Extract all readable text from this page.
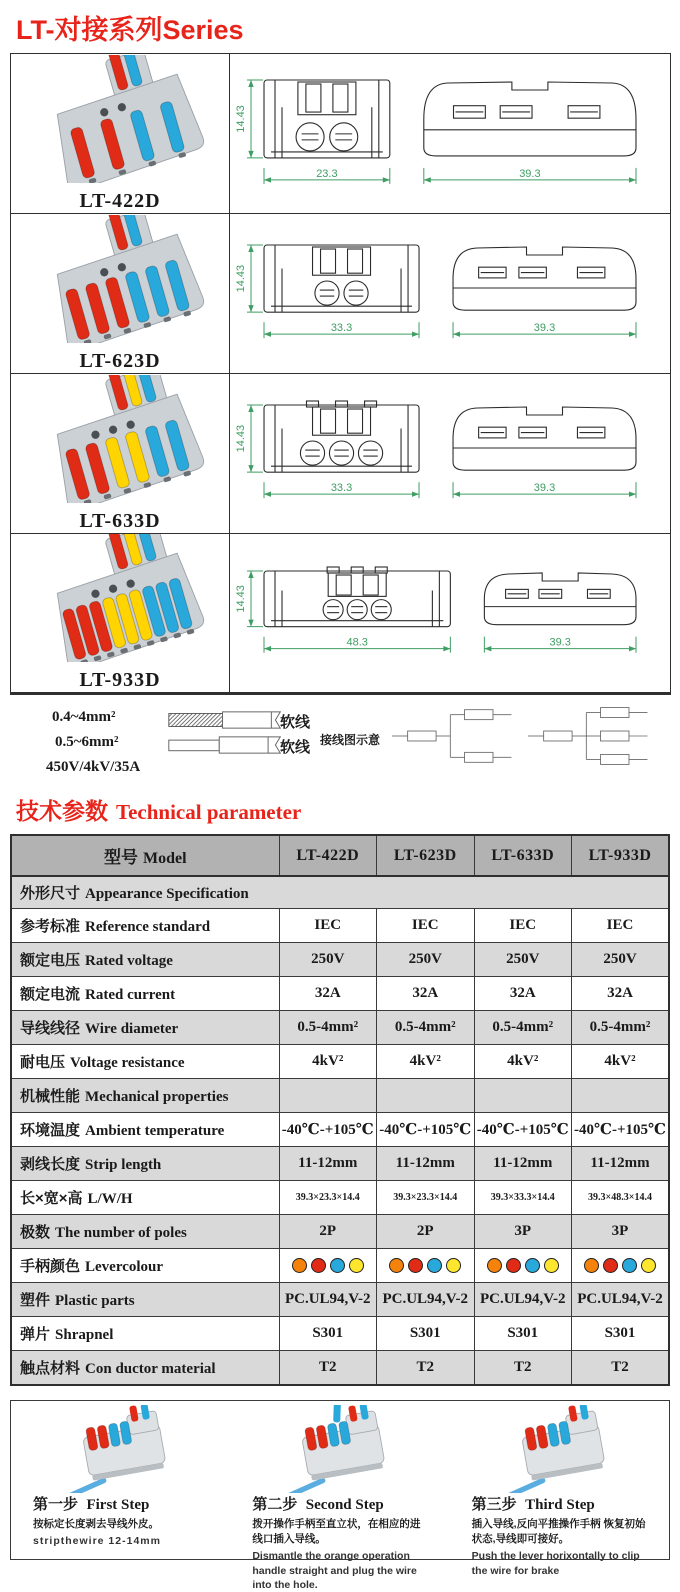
LT-对接系列Series
LT-422D	14.43
23.3 39.3

LT-623D	14.43
33.3 39.3

LT-633D	14.43
33.3 39.3

LT-933D	14.43
48.3 39.3
0.4~4mm²	软线
0.5~6mm²	软线
450V/4kV/35A
接线图示意
技术参数 Technical parameter
型号 Model	LT-422D	LT-623D	LT-633D	LT-933D
外形尺寸 Appearance Specification				
参考标准 Reference standard	IEC	IEC	IEC	IEC
额定电压 Rated voltage	250V	250V	250V	250V
额定电流 Rated current	32A	32A	32A	32A
导线线径 Wire diameter	0.5-4mm²	0.5-4mm²	0.5-4mm²	0.5-4mm²
耐电压 Voltage resistance	4kV²	4kV²	4kV²	4kV²
机械性能 Mechanical properties				
环境温度 Ambient temperature	-40℃-+105℃	-40℃-+105℃	-40℃-+105℃	-40℃-+105℃
剥线长度 Strip length	11-12mm	11-12mm	11-12mm	11-12mm
长×宽×高 L/W/H	39.3×23.3×14.4	39.3×23.3×14.4	39.3×33.3×14.4	39.3×48.3×14.4
极数 The number of poles	2P	2P	3P	3P
手柄颜色 Levercolour				
塑件 Plastic parts	PC.UL94,V-2	PC.UL94,V-2	PC.UL94,V-2	PC.UL94,V-2
弹片 Shrapnel	S301	S301	S301	S301
触点材料 Con ductor material	T2	T2	T2	T2
第一步 First Step
按标定长度剥去导线外皮。
stripthewire 12-14mm
第二步 Second Step
拨开操作手柄至直立状，在相应的进线口插入导线。
Dismantle the orange operation handle straight and plug the wire into the hole.
第三步 Third Step
插入导线,反向平推操作手柄 恢复初始状态,导线即可接好。
Push the lever horixontally to clip the wire for brake
